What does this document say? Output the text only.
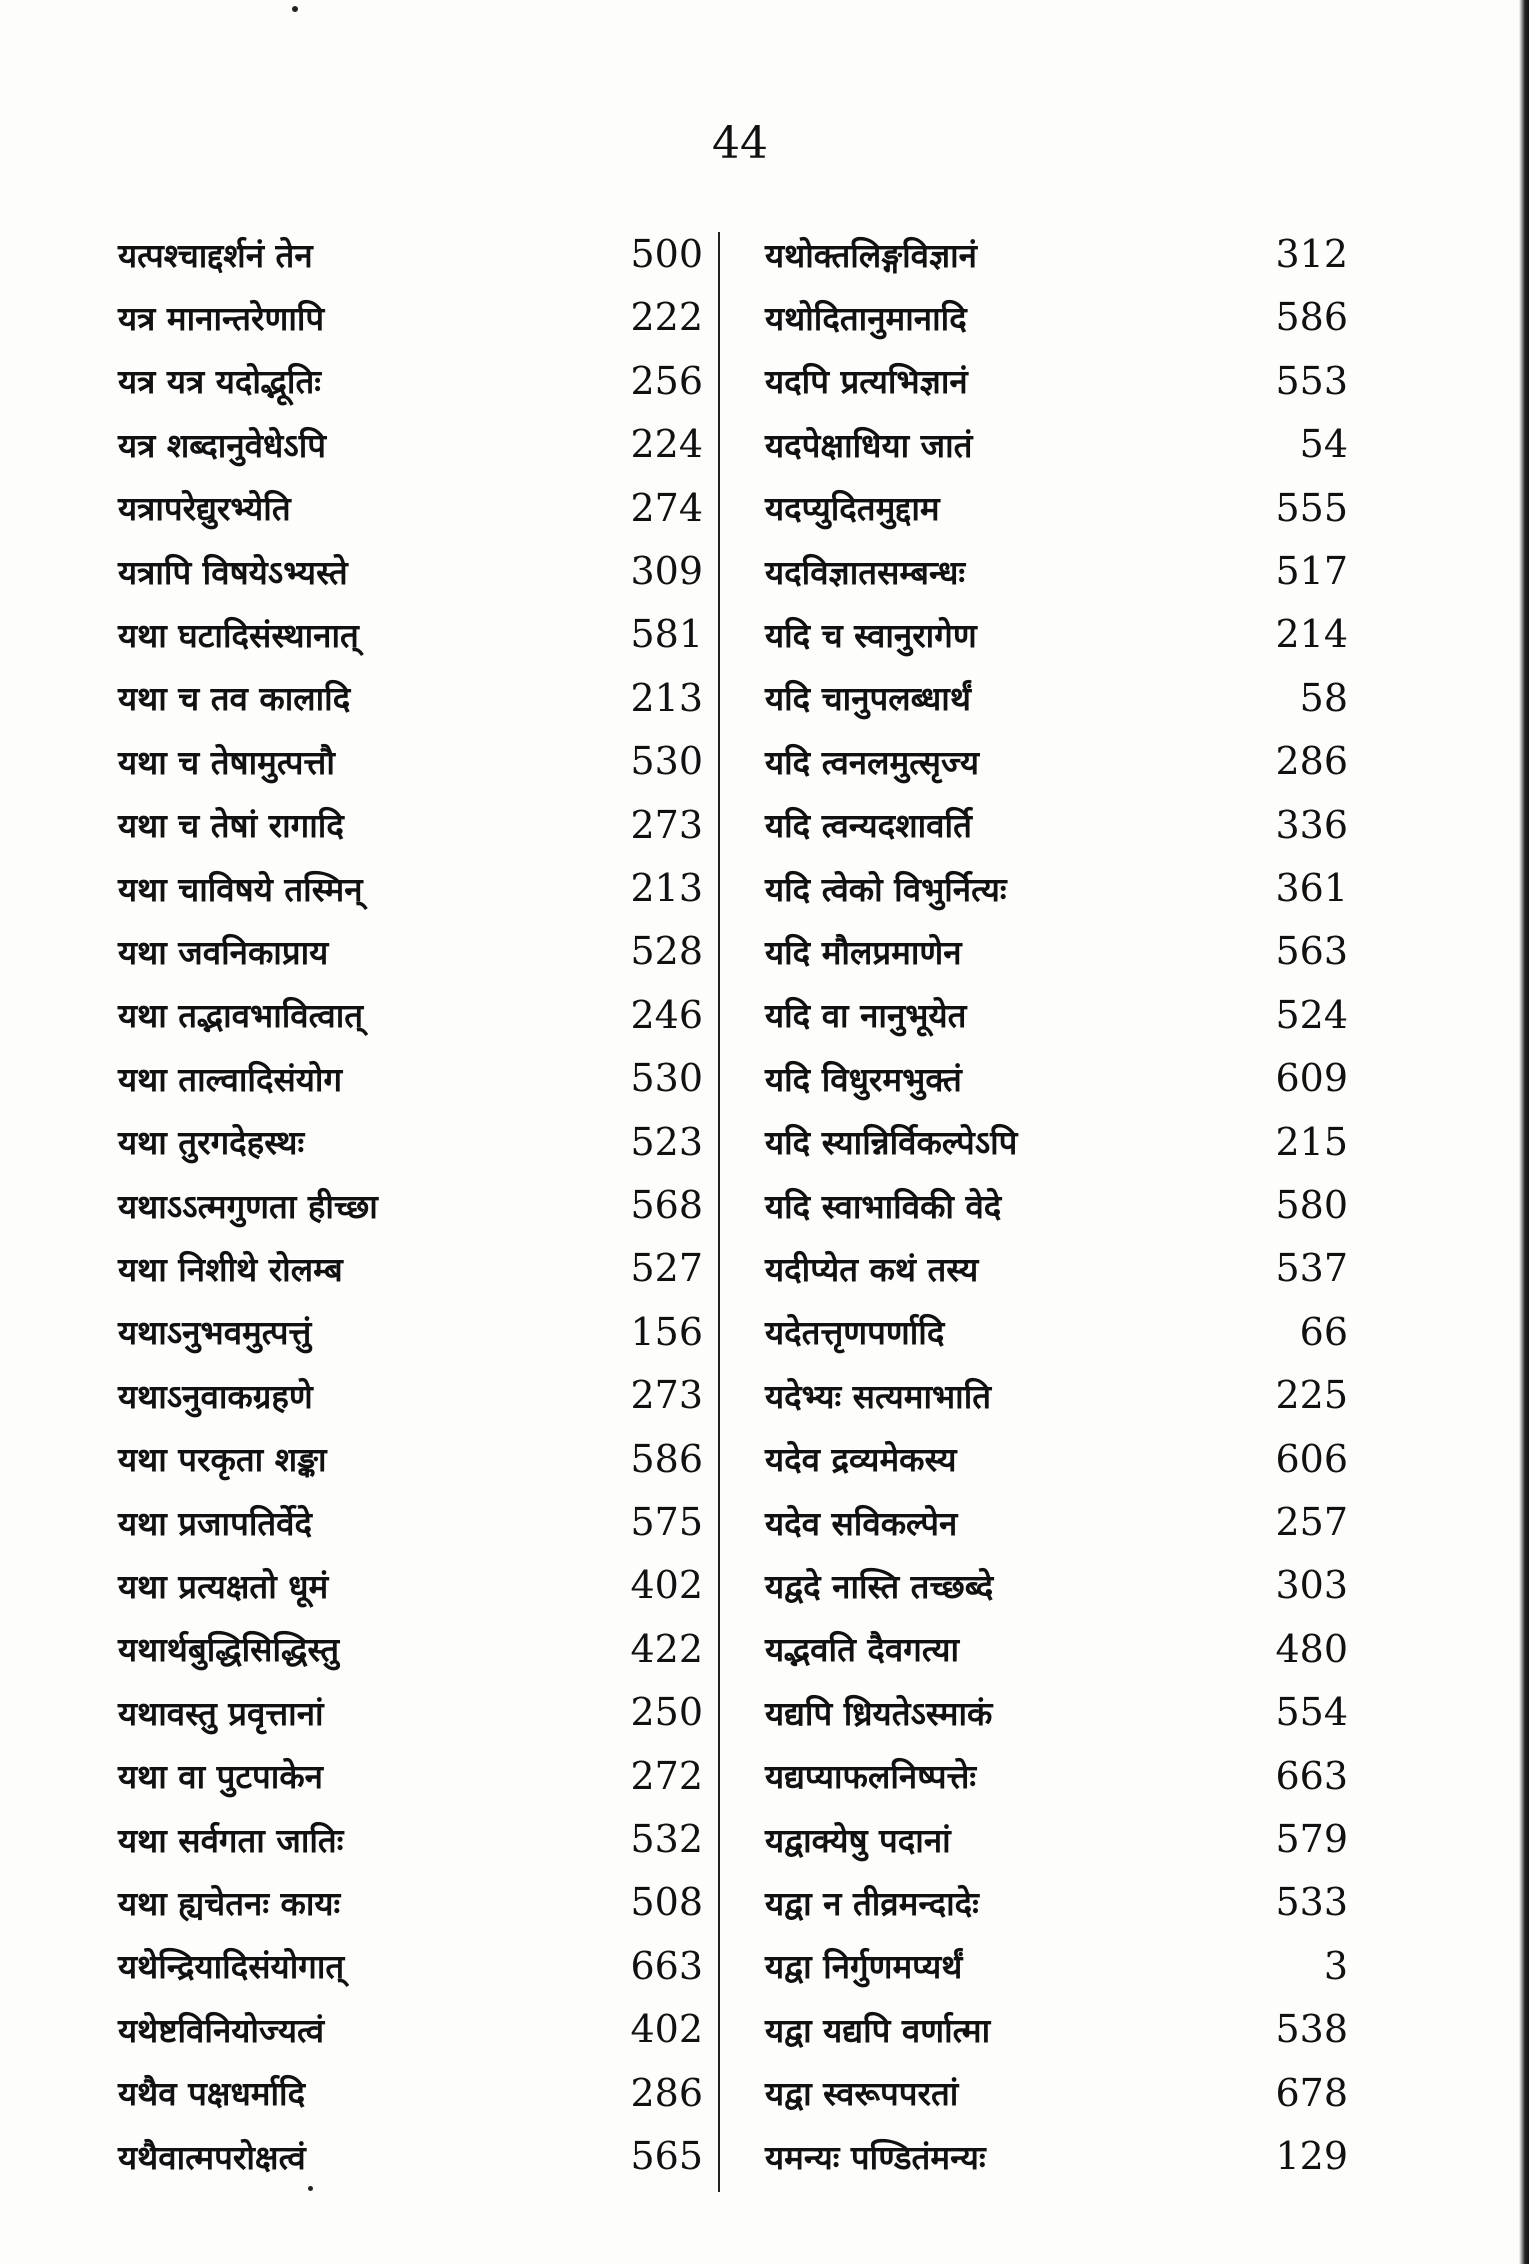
44
यत्पश्चाद्दर्शनं तेन	500
यत्र मानान्तरेणापि	222
यत्र यत्र यदोद्भूतिः	256
यत्र शब्दानुवेधेऽपि	224
यत्रापरेद्युरभ्येति	274
यत्रापि विषयेऽभ्यस्ते	309
यथा घटादिसंस्थानात्	581
यथा च तव कालादि	213
यथा च तेषामुत्पत्तौ	530
यथा च तेषां रागादि	273
यथा चाविषये तस्मिन्	213
यथा जवनिकाप्राय	528
यथा तद्भावभावित्वात्	246
यथा ताल्वादिसंयोग	530
यथा तुरगदेहस्थः	523
यथाऽऽत्मगुणता हीच्छा	568
यथा निशीथे रोलम्ब	527
यथाऽनुभवमुत्पत्तुं	156
यथाऽनुवाकग्रहणे	273
यथा परकृता शङ्का	586
यथा प्रजापतिर्वेदे	575
यथा प्रत्यक्षतो धूमं	402
यथार्थबुद्धिसिद्धिस्तु	422
यथावस्तु प्रवृत्तानां	250
यथा वा पुटपाकेन	272
यथा सर्वगता जातिः	532
यथा ह्यचेतनः कायः	508
यथेन्द्रियादिसंयोगात्	663
यथेष्टविनियोज्यत्वं	402
यथैव पक्षधर्मादि	286
यथैवात्मपरोक्षत्वं	565
यथोक्तलिङ्गविज्ञानं	312
यथोदितानुमानादि	586
यदपि प्रत्यभिज्ञानं	553
यदपेक्षाधिया जातं	54
यदप्युदितमुद्दाम	555
यदविज्ञातसम्बन्धः	517
यदि च स्वानुरागेण	214
यदि चानुपलब्धार्थं	58
यदि त्वनलमुत्सृज्य	286
यदि त्वन्यदशावर्ति	336
यदि त्वेको विभुर्नित्यः	361
यदि मौलप्रमाणेन	563
यदि वा नानुभूयेत	524
यदि विधुरमभुक्तं	609
यदि स्यान्निर्विकल्पेऽपि	215
यदि स्वाभाविकी वेदे	580
यदीप्येत कथं तस्य	537
यदेतत्तृणपर्णादि	66
यदेभ्यः सत्यमाभाति	225
यदेव द्रव्यमेकस्य	606
यदेव सविकल्पेन	257
यद्वदे नास्ति तच्छब्दे	303
यद्भवति दैवगत्या	480
यद्यपि ध्रियतेऽस्माकं	554
यद्यप्याफलनिष्पत्तेः	663
यद्वाक्येषु पदानां	579
यद्वा न तीव्रमन्दादेः	533
यद्वा निर्गुणमप्यर्थं	3
यद्वा यद्यपि वर्णात्मा	538
यद्वा स्वरूपपरतां	678
यमन्यः पण्डितंमन्यः	129
